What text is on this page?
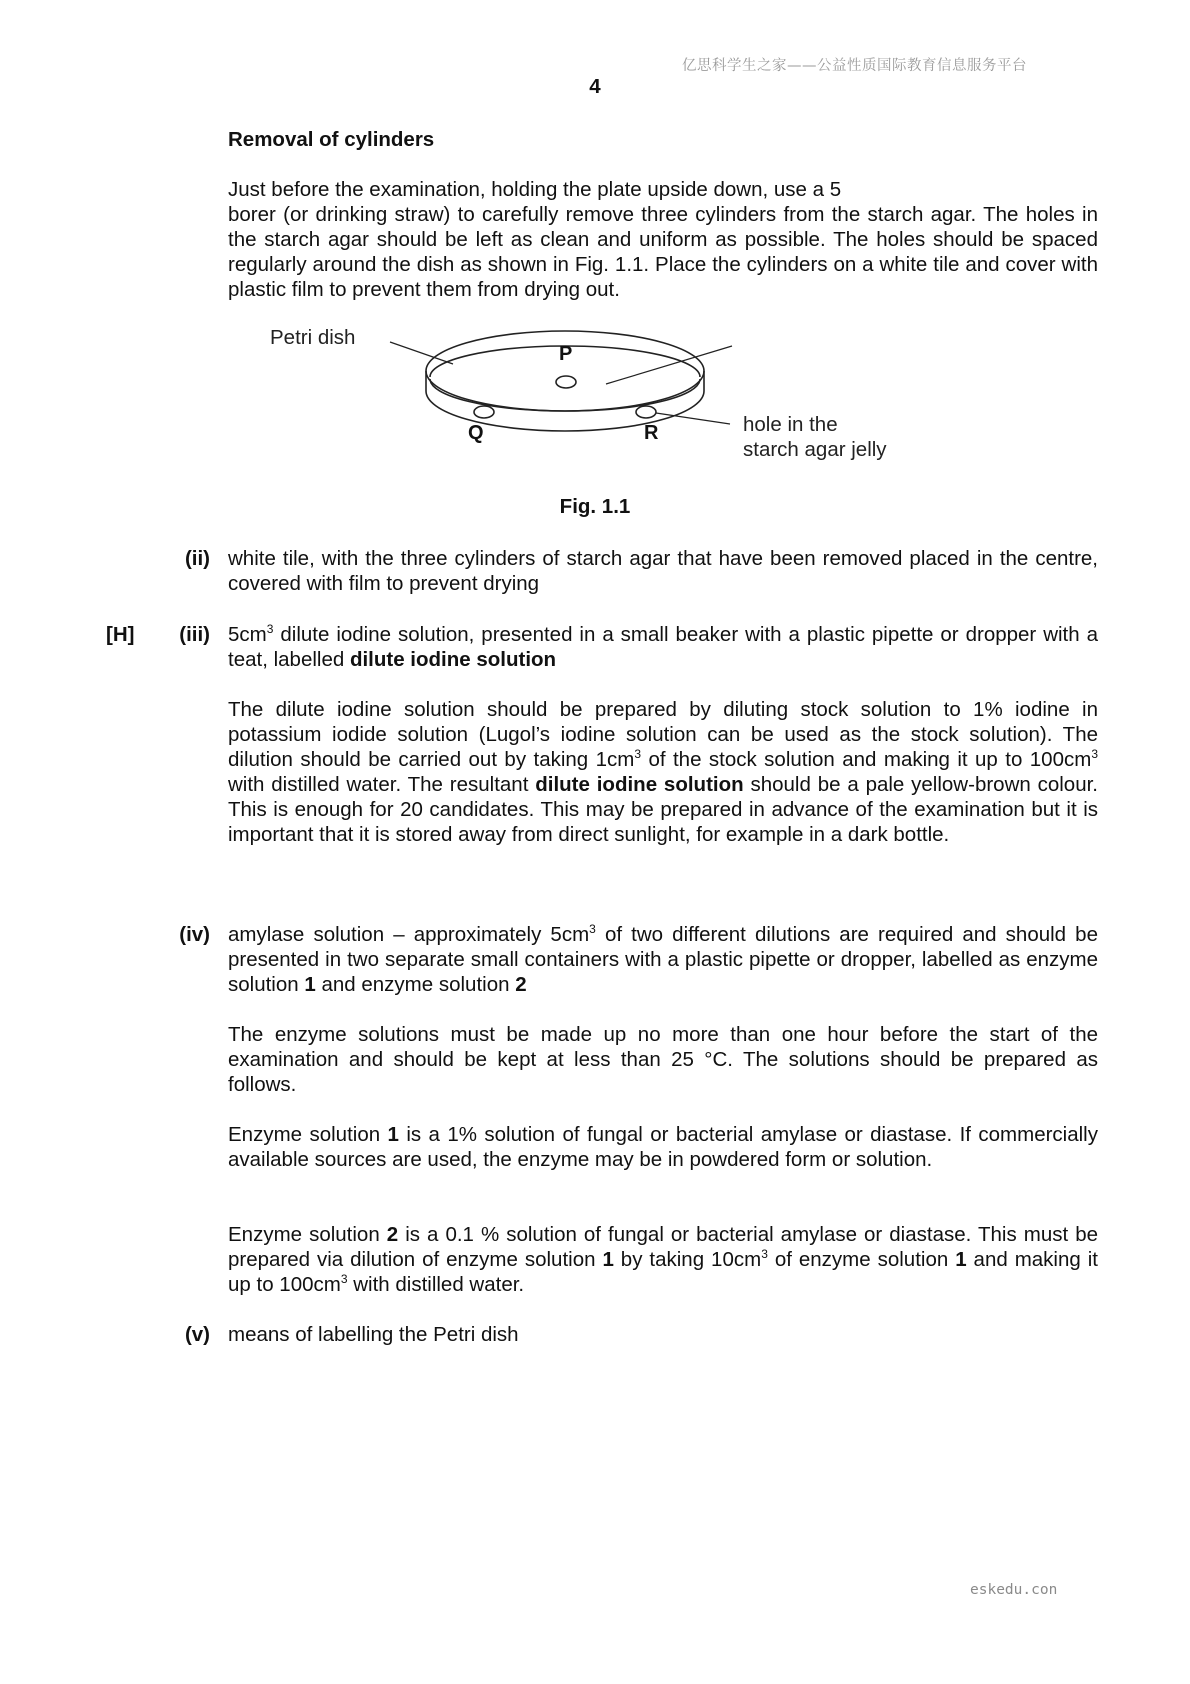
亿思科学生之家——公益性质国际教育信息服务平台
4
Removal of cylinders
Just before the examination, holding the plate upside down, use a 5
borer (or drinking straw) to carefully remove three cylinders from the starch agar. The holes in the starch agar should be left as clean and uniform as possible. The holes should be spaced regularly around the dish as shown in Fig. 1.1. Place the cylinders on a white tile and cover with plastic film to prevent them from drying out.
Petri dish
P
Q	R	hole in the
starch agar jelly
Fig. 1.1
(ii) white tile, with the three cylinders of starch agar that have been removed placed in the centre, covered with film to prevent drying
[H]	(iii) $5cm^3$ dilute iodine solution, presented in a small beaker with a plastic pipette or dropper with a teat, labelled dilute iodine solution
The dilute iodine solution should be prepared by diluting stock solution to 1% iodine in potassium iodide solution (Lugol’s iodine solution can be used as the stock solution). The dilution should be carried out by taking $1cm^3$ of the stock solution and making it up to $100cm^3$ with distilled water. The resultant dilute iodine solution should be a pale yellow-brown colour. This is enough for 20 candidates. This may be prepared in advance of the examination but it is important that it is stored away from direct sunlight, for example in a dark bottle.
(iv) amylase solution – approximately $5cm^3$ of two different dilutions are required and should be presented in two separate small containers with a plastic pipette or dropper, labelled as enzyme solution 1 and enzyme solution 2
The enzyme solutions must be made up no more than one hour before the start of the examination and should be kept at less than 25 °C. The solutions should be prepared as follows.
Enzyme solution 1 is a 1% solution of fungal or bacterial amylase or diastase. If commercially available sources are used, the enzyme may be in powdered form or solution.
Enzyme solution 2 is a 0.1 % solution of fungal or bacterial amylase or diastase. This must be prepared via dilution of enzyme solution 1 by taking $10cm^3$ of enzyme solution 1 and making it up to $100cm^3$ with distilled water.
(v) means of labelling the Petri dish
eskedu.con
